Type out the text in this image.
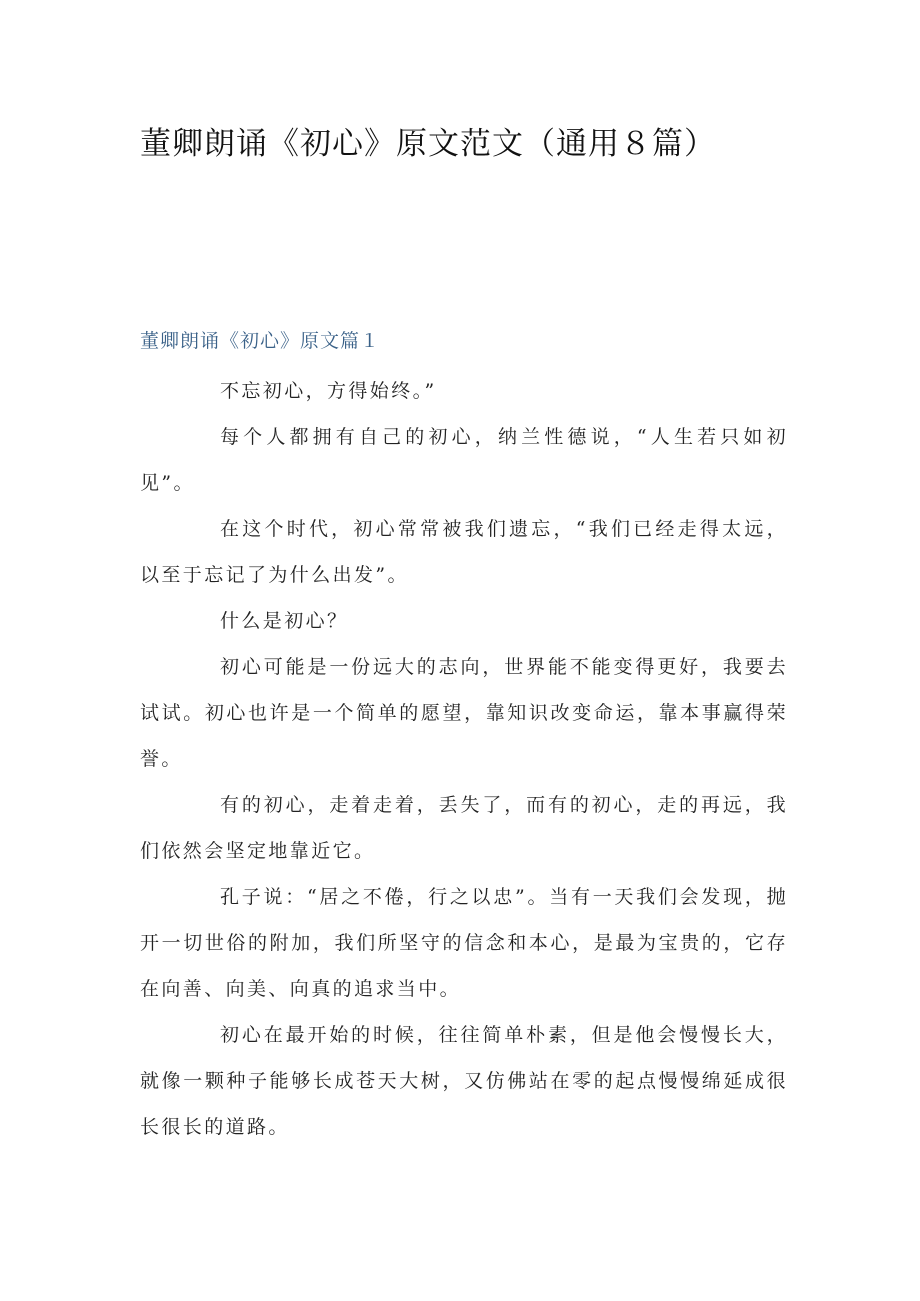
董卿朗诵《初心》原文范文（通用８篇）
董卿朗诵《初心》原文篇１

不忘初心，方得始终。”

每个人都拥有自己的初心，纳兰性德说，“人生若只如初见”。

在这个时代，初心常常被我们遗忘，“我们已经走得太远，以至于忘记了为什么出发”。

什么是初心？

初心可能是一份远大的志向，世界能不能变得更好，我要去试试。初心也许是一个简单的愿望，靠知识改变命运，靠本事赢得荣誉。

有的初心，走着走着，丢失了，而有的初心，走的再远，我们依然会坚定地靠近它。

孔子说：“居之不倦，行之以忠”。当有一天我们会发现，抛开一切世俗的附加，我们所坚守的信念和本心，是最为宝贵的，它存在向善、向美、向真的追求当中。

初心在最开始的时候，往往简单朴素，但是他会慢慢长大，就像一颗种子能够长成苍天大树，又仿佛站在零的起点慢慢绵延成很长很长的道路。
